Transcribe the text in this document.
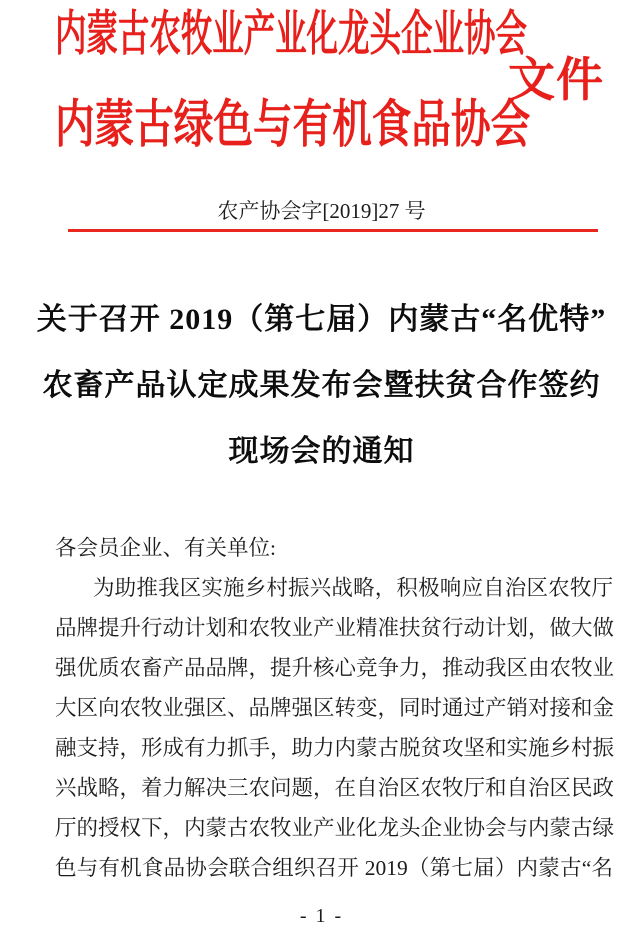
内蒙古农牧业产业化龙头企业协会
内蒙古绿色与有机食品协会
文件
农产协会字[2019]27 号
关于召开 2019（第七届）内蒙古“名优特”
农畜产品认定成果发布会暨扶贫合作签约
现场会的通知
各会员企业、有关单位:
为助推我区实施乡村振兴战略，积极响应自治区农牧厅
品牌提升行动计划和农牧业产业精准扶贫行动计划，做大做
强优质农畜产品品牌，提升核心竞争力，推动我区由农牧业
大区向农牧业强区、品牌强区转变，同时通过产销对接和金
融支持，形成有力抓手，助力内蒙古脱贫攻坚和实施乡村振
兴战略，着力解决三农问题，在自治区农牧厅和自治区民政
厅的授权下，内蒙古农牧业产业化龙头企业协会与内蒙古绿
色与有机食品协会联合组织召开 2019（第七届）内蒙古“名
- 1 -
